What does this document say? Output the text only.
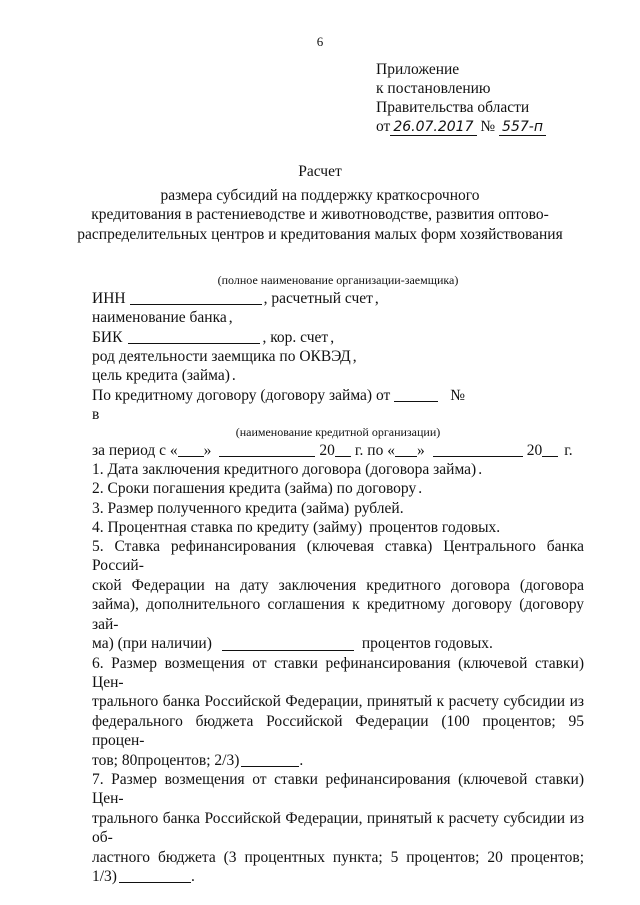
6
Приложение
к постановлению
Правительства области
от 26.07.2017 № 557-п
Расчет
размера субсидий на поддержку краткосрочного
кредитования в растениеводстве и животноводстве, развития оптово-
распределительных центров и кредитования малых форм хозяйствования
(полное наименование организации-заемщика)
ИНН	, расчетный счет ,
наименование банка ,
БИК	, кор. счет ,
род деятельности заемщика по ОКВЭД ,
цель кредита (займа) .
По кредитному договору (договору займа) от	№
в
(наименование кредитной организации)
за период с « »	20 г. по « »	20 г.
1. Дата заключения кредитного договора (договора займа) .
2. Сроки погашения кредита (займа) по договору .
3. Размер полученного кредита (займа) рублей.
4. Процентная ставка по кредиту (займу) процентов годовых.
5. Ставка рефинансирования (ключевая ставка) Центрального банка Россий-
ской Федерации на дату заключения кредитного договора (договора
займа), дополнительного соглашения к кредитному договору (договору зай-
ма) (при наличии)	процентов годовых.
6. Размер возмещения от ставки рефинансирования (ключевой ставки) Цен-
трального банка Российской Федерации, принятый к расчету субсидии из
федерального бюджета Российской Федерации (100 процентов; 95 процен-
тов; 80процентов; 2/3)	.
7. Размер возмещения от ставки рефинансирования (ключевой ставки) Цен-
трального банка Российской Федерации, принятый к расчету субсидии из об-
ластного бюджета (3 процентных пункта; 5 процентов; 20 процентов;
1/3)	.
